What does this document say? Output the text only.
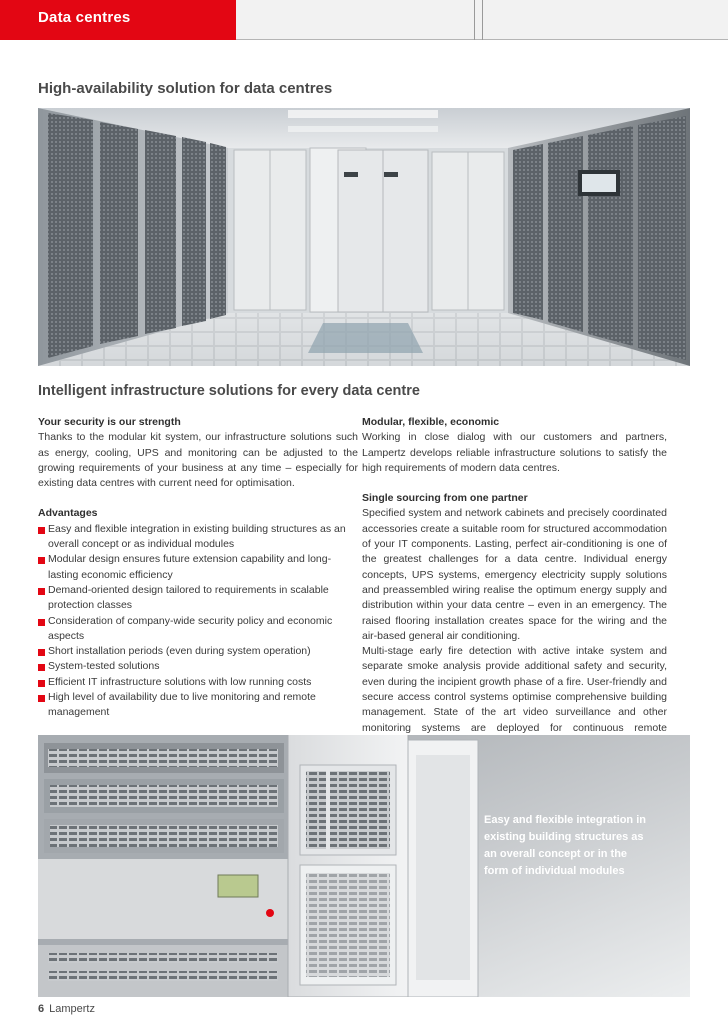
Data centres
High-availability solution for data centres
Intelligent infrastructure solutions for every data centre
Your security is our strength
Thanks to the modular kit system, our infrastructure solutions such as energy, cooling, UPS and monitoring can be adjusted to the growing requirements of your business at any time – especially for existing data centres with current need for optimisation.
Advantages
Easy and flexible integration in existing building structures as an overall concept or as individual modules
Modular design ensures future extension capability and long-lasting economic efficiency
Demand-oriented design tailored to requirements in scalable protection classes
Consideration of company-wide security policy and economic aspects
Short installation periods (even during system operation)
System-tested solutions
Efficient IT infrastructure solutions with low running costs
High level of availability due to live monitoring and remote management
Modular, flexible, economic
Working in close dialog with our customers and partners, Lampertz develops reliable infrastructure solutions to satisfy the high requirements of modern data centres.
Single sourcing from one partner
Specified system and network cabinets and precisely coordinated accessories create a suitable room for structured accommodation of your IT components. Lasting, perfect air-conditioning is one of the greatest challenges for a data centre. Individual energy concepts, UPS systems, emergency electricity supply solutions and preassembled wiring realise the optimum energy supply and distribution within your data centre – even in an emergency. The raised flooring installation creates space for the wiring and the air-based general air conditioning.
Multi-stage early fire detection with active intake system and separate smoke analysis provide additional safety and security, even during the incipient growth phase of a fire. User-friendly and secure access control systems optimise comprehensive building management. State of the art video surveillance and other monitoring systems are deployed for continuous remote
Easy and flexible integration in existing building structures as an overall concept or in the form of individual modules
6 Lampertz
